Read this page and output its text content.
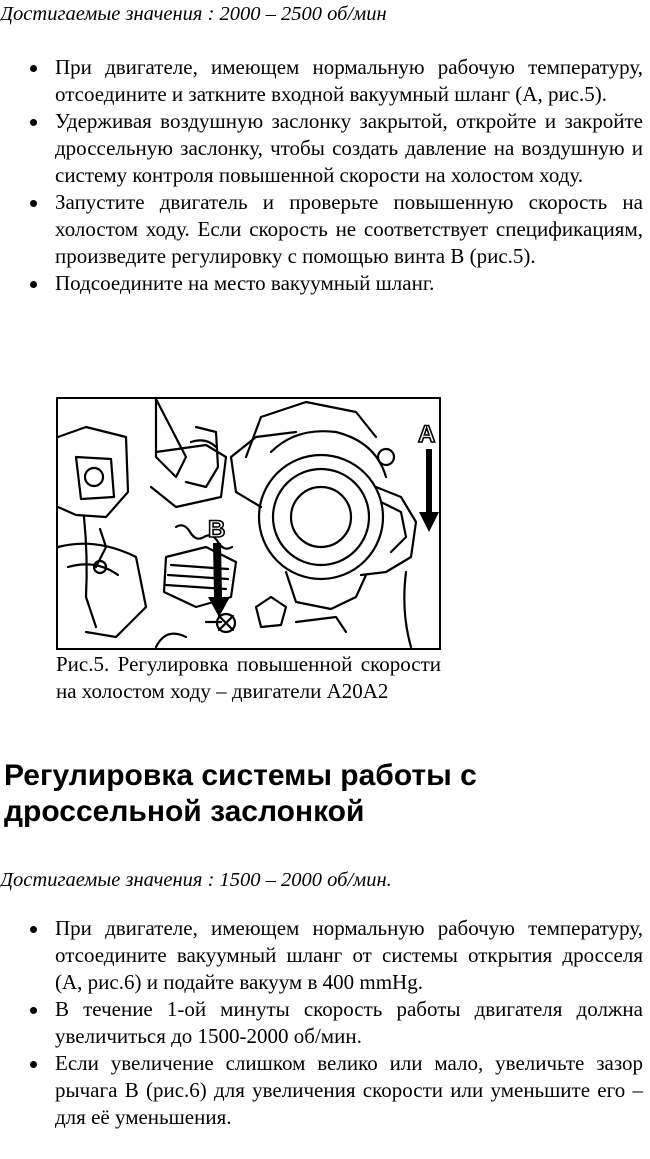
Достигаемые значения : 2000 – 2500 об/мин

При двигателе, имеющем нормальную рабочую температуру, отсоедините и заткните входной вакуумный шланг (A, рис.5).
Удерживая воздушную заслонку закрытой, откройте и закройте дроссельную заслонку, чтобы создать давление на воздушную и систему контроля повышенной скорости на холостом ходу.
Запустите двигатель и проверьте повышенную скорость на холостом ходу. Если скорость не соответствует спецификациям, произведите регулировку с помощью винта B (рис.5).
Подсоедините на место вакуумный шланг.
A
B

Рис.5. Регулировка повышенной скорости на холостом ходу – двигатели A20A2

Регулировка системы работы с дроссельной заслонкой

Достигаемые значения : 1500 – 2000 об/мин.

При двигателе, имеющем нормальную рабочую температуру, отсоедините вакуумный шланг от системы открытия дросселя (A, рис.6) и подайте вакуум в 400 mmHg.
В течение 1-ой минуты скорость работы двигателя должна увеличиться до 1500-2000 об/мин.
Если увеличение слишком велико или мало, увеличьте зазор рычага B (рис.6) для увеличения скорости или уменьшите его – для её уменьшения.
